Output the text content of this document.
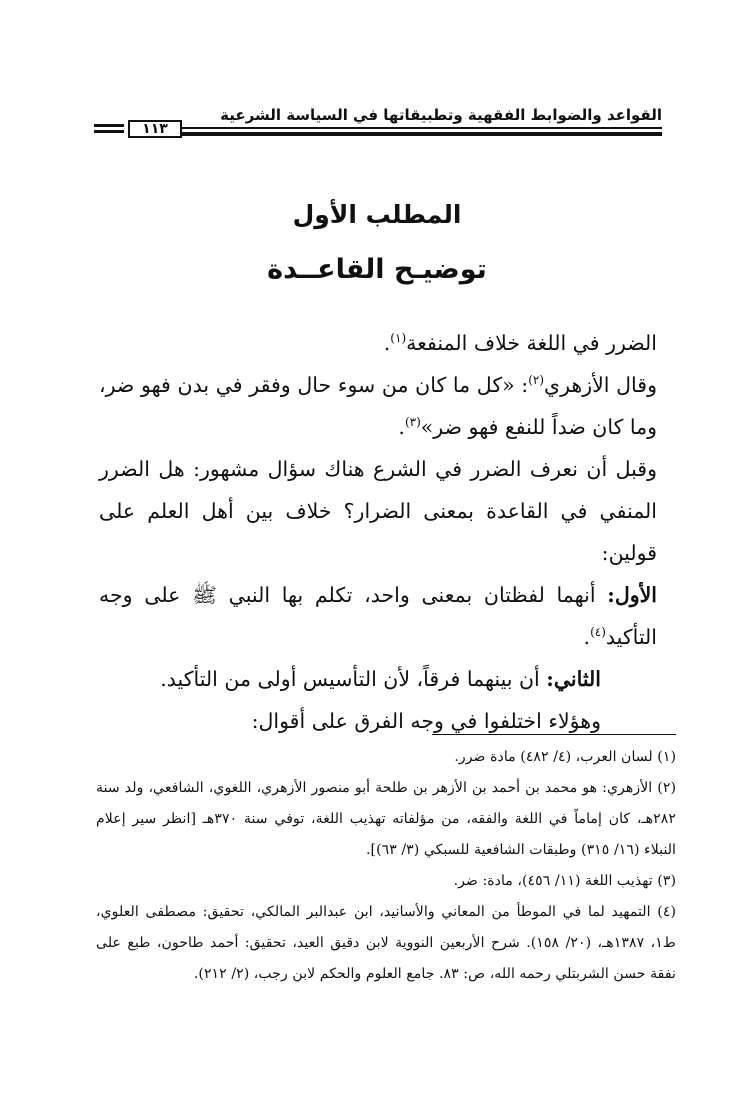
القواعد والضوابط الفقهية وتطبيقاتها في السياسة الشرعية
١١٣
المطلب الأول
توضيـح القاعــدة

الضرر في اللغة خلاف المنفعة$^{(١)}$.

وقال الأزهري$^{(٢)}$: «كل ما كان من سوء حال وفقر في بدن فهو ضر، وما كان ضداً للنفع فهو ضر»$^{(٣)}$.

وقبل أن نعرف الضرر في الشرع هناك سؤال مشهور: هل الضرر المنفي في القاعدة بمعنى الضرار؟ خلاف بين أهل العلم على قولين:

الأول: أنهما لفظتان بمعنى واحد، تكلم بها النبي ﷺ على وجه التأكيد$^{(٤)}$.

الثاني: أن بينهما فرقاً، لأن التأسيس أولى من التأكيد.

وهؤلاء اختلفوا في وجه الفرق على أقوال:

(١) لسان العرب، (٤/ ٤٨٢) مادة ضرر.

(٢) الأزهري: هو محمد بن أحمد بن الأزهر بن طلحة أبو منصور الأزهري، اللغوي، الشافعي، ولد سنة ٢٨٢هـ، كان إماماً في اللغة والفقه، من مؤلفاته تهذيب اللغة، توفي سنة ٣٧٠هـ [انظر سير إعلام النبلاء (١٦/ ٣١٥) وطبقات الشافعية للسبكي (٣/ ٦٣)].

(٣) تهذيب اللغة (١١/ ٤٥٦)، مادة: ضر.

(٤) التمهيد لما في الموطأ من المعاني والأسانيد، ابن عبدالبر المالكي، تحقيق: مصطفى العلوي، ط١، ١٣٨٧هـ، (٢٠/ ١٥٨). شرح الأربعين النووية لابن دقيق العيد، تحقيق: أحمد طاحون، طبع على نفقة حسن الشربتلي رحمه الله، ص: ٨٣. جامع العلوم والحكم لابن رجب، (٢/ ٢١٢).
